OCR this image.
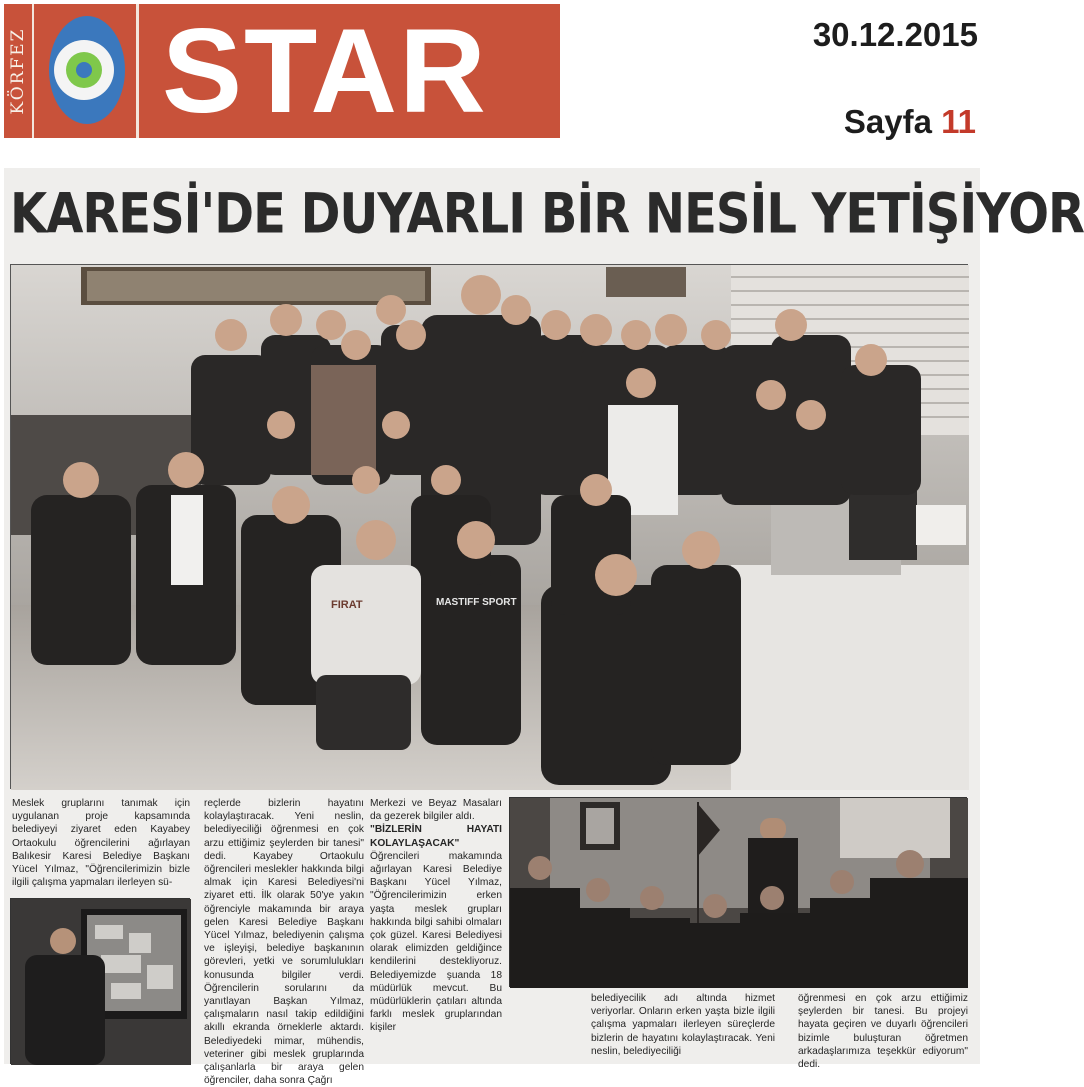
KÖRFEZ STAR	30.12.2015
Sayfa 11
KARESİ'DE DUYARLI BİR NESİL YETİŞİYOR
FIRAT	MASTIFF SPORT
Meslek gruplarını tanımak için uygulanan proje kapsamında belediyeyi ziyaret eden Kayabey Ortaokulu öğrencilerini ağırlayan Balıkesir Karesi Belediye Başkanı Yücel Yılmaz, "Öğrencilerimizin bizle ilgili çalışma yapmaları ilerleyen sü-
reçlerde bizlerin hayatını kolaylaştıracak. Yeni neslin, belediyeciliği öğrenmesi en çok arzu ettiğimiz şeylerden bir tanesi" dedi. Kayabey Ortaokulu öğrencileri meslekler hakkında bilgi almak için Karesi Belediyesi'ni ziyaret etti. İlk olarak 50'ye yakın öğrenciyle makamında bir araya gelen Karesi Belediye Başkanı Yücel Yılmaz, belediyenin çalışma ve işleyişi, belediye başkanının görevleri, yetki ve sorumlulukları konusunda bilgiler verdi. Öğrencilerin sorularını da yanıtlayan Başkan Yılmaz, çalışmaların nasıl takip edildiğini akıllı ekranda örneklerle aktardı. Belediyedeki mimar, mühendis, veteriner gibi meslek gruplarında çalışanlarla bir araya gelen öğrenciler, daha sonra Çağrı
Merkezi ve Beyaz Masaları da gezerek bilgiler aldı.
"BİZLERİN HAYATI KOLAYLAŞACAK"
Öğrencileri makamında ağırlayan Karesi Belediye Başkanı Yücel Yılmaz, "Öğrencilerimizin erken yaşta meslek grupları hakkında bilgi sahibi olmaları çok güzel. Karesi Belediyesi olarak elimizden geldiğince kendilerini destekliyoruz. Belediyemizde şuanda 18 müdürlük mevcut. Bu müdürlüklerin çatıları altında farklı meslek gruplarından kişiler
belediyecilik adı altında hizmet veriyorlar. Onların erken yaşta bizle ilgili çalışma yapmaları ilerleyen süreçlerde bizlerin de hayatını kolaylaştıracak. Yeni neslin, belediyeciliği
öğrenmesi en çok arzu ettiğimiz şeylerden bir tanesi. Bu projeyi hayata geçiren ve duyarlı öğrencileri bizimle buluşturan öğretmen arkadaşlarımıza teşekkür ediyorum" dedi.
